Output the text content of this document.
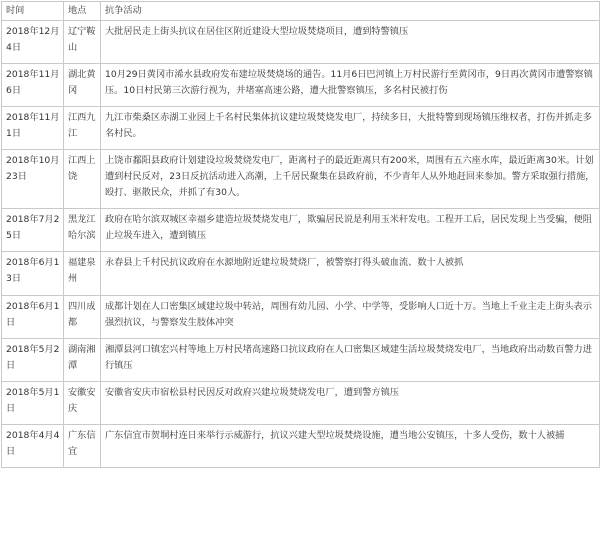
时间	地点	抗争活动
2018年12月4日	辽宁鞍山	大批居民走上街头抗议在居住区附近建设大型垃圾焚烧项目，遭到特警镇压
2018年11月6日	湖北黄冈	10月29日黄冈市浠水县政府发布建垃圾焚烧场的通告。11月6日巴河镇上万村民游行至黄冈市，9日再次黄冈市遭警察镇压。10日村民第三次游行视为，并堵塞高速公路，遭大批警察镇压，多名村民被打伤
2018年11月1日	江西九江	九江市柴桑区赤湖工业园上千名村民集体抗议建垃圾焚烧发电厂，持续多日，大批特警到现场镇压维权者，打伤并抓走多名村民。
2018年10月23日	江西上饶	上饶市鄱阳县政府计划建设垃圾焚烧发电厂，距离村子的最近距离只有200米，周围有五六座水库，最近距离30米。计划遭到村民反对，23日反抗活动进入高潮，上千居民聚集在县政府前，不少青年人从外地赶回来参加。警方采取强行措施，殴打、驱散民众，并抓了有30人。
2018年7月25日	黑龙江哈尔滨	政府在哈尔滨双城区幸福乡建造垃圾焚烧发电厂，欺骗居民说是利用玉米秆发电。工程开工后，居民发现上当受骗，便阻止垃圾车进入，遭到镇压
2018年6月13日	福建泉州	永春县上千村民抗议政府在水源地附近建垃圾焚烧厂，被警察打得头破血流、数十人被抓
2018年6月1日	四川成都	成都计划在人口密集区域建垃圾中转站，周围有幼儿园、小学、中学等，受影响人口近十万。当地上千业主走上街头表示强烈抗议，与警察发生肢体冲突
2018年5月2日	湖南湘潭	湘潭县河口镇宏兴村等地上万村民堵高速路口抗议政府在人口密集区域建生活垃圾焚烧发电厂，当地政府出动数百警力进行镇压
2018年5月1日	安徽安庆	安徽省安庆市宿松县村民因反对政府兴建垃圾焚烧发电厂，遭到警方镇压
2018年4月4日	广东信宜	广东信宜市贺垌村连日来举行示威游行，抗议兴建大型垃圾焚烧设施，遭当地公安镇压，十多人受伤，数十人被捕
